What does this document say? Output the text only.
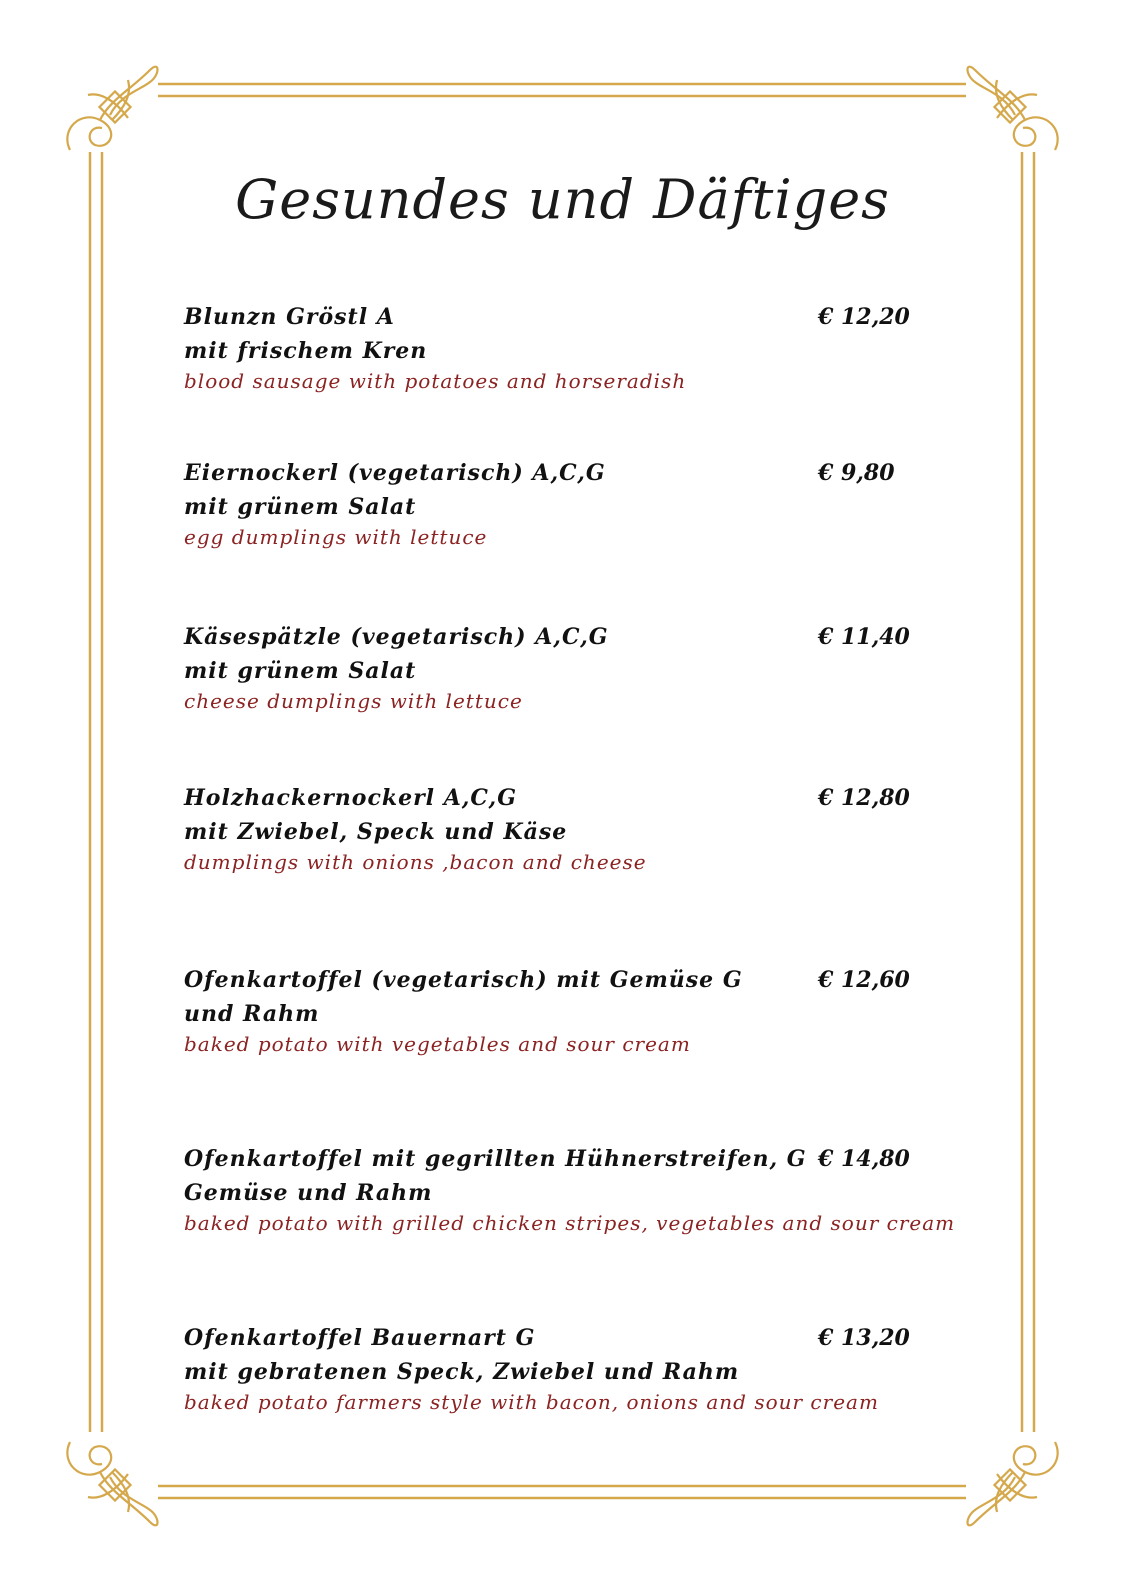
Gesundes und Däftiges
Blunzn Gröstl A
mit frischem Kren
blood sausage with potatoes and horseradish
€ 12,20
Eiernockerl (vegetarisch) A,C,G
mit grünem Salat
egg dumplings with lettuce
€ 9,80
Käsespätzle (vegetarisch) A,C,G
mit grünem Salat
cheese dumplings with lettuce
€ 11,40
Holzhackernockerl A,C,G
mit Zwiebel, Speck und Käse
dumplings with onions ,bacon and cheese
€ 12,80
Ofenkartoffel (vegetarisch) mit Gemüse G
und Rahm
baked potato with vegetables and sour cream
€ 12,60
Ofenkartoffel mit gegrillten Hühnerstreifen, G
Gemüse und Rahm
baked potato with grilled chicken stripes, vegetables and sour cream
€ 14,80
Ofenkartoffel Bauernart G
mit gebratenen Speck, Zwiebel und Rahm
baked potato farmers style with bacon, onions and sour cream
€ 13,20
